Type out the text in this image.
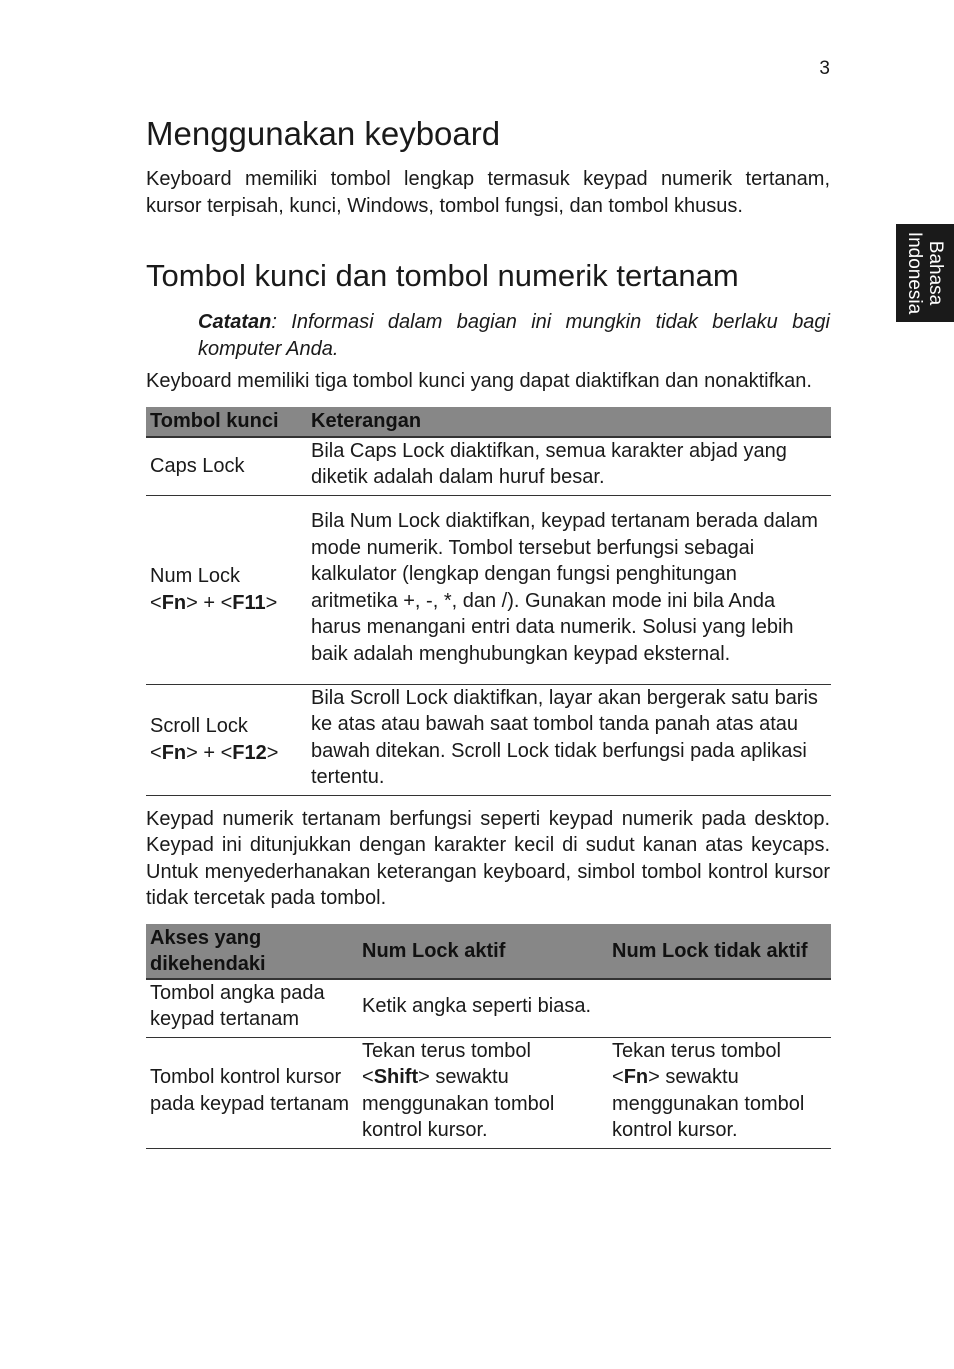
3
Bahasa
Indonesia
Menggunakan keyboard

Keyboard memiliki tombol lengkap termasuk keypad numerik tertanam, kursor terpisah, kunci, Windows, tombol fungsi, dan tombol khusus.

Tombol kunci dan tombol numerik tertanam

Catatan: Informasi dalam bagian ini mungkin tidak berlaku bagi komputer Anda.

Keyboard memiliki tiga tombol kunci yang dapat diaktifkan dan nonaktifkan.

Tombol kunci	Keterangan
Caps Lock	Bila Caps Lock diaktifkan, semua karakter abjad yang diketik adalah dalam huruf besar.

Num Lock
<Fn> + <F11>	Bila Num Lock diaktifkan, keypad tertanam berada dalam mode numerik. Tombol tersebut berfungsi sebagai kalkulator (lengkap dengan fungsi penghitungan aritmetika +, -, *, dan /). Gunakan mode ini bila Anda harus menangani entri data numerik. Solusi yang lebih baik adalah menghubungkan keypad eksternal.

Scroll Lock
<Fn> + <F12>	Bila Scroll Lock diaktifkan, layar akan bergerak satu baris ke atas atau bawah saat tombol tanda panah atas atau bawah ditekan. Scroll Lock tidak berfungsi pada aplikasi tertentu.

Keypad numerik tertanam berfungsi seperti keypad numerik pada desktop. Keypad ini ditunjukkan dengan karakter kecil di sudut kanan atas keycaps. Untuk menyederhanakan keterangan keyboard, simbol tombol kontrol kursor tidak tercetak pada tombol.

Akses yang dikehendaki	Num Lock aktif	Num Lock tidak aktif
Tombol angka pada keypad tertanam	Ketik angka seperti biasa.	
Tombol kontrol kursor pada keypad tertanam	Tekan terus tombol <Shift> sewaktu menggunakan tombol kontrol kursor.	Tekan terus tombol <Fn> sewaktu menggunakan tombol kontrol kursor.
